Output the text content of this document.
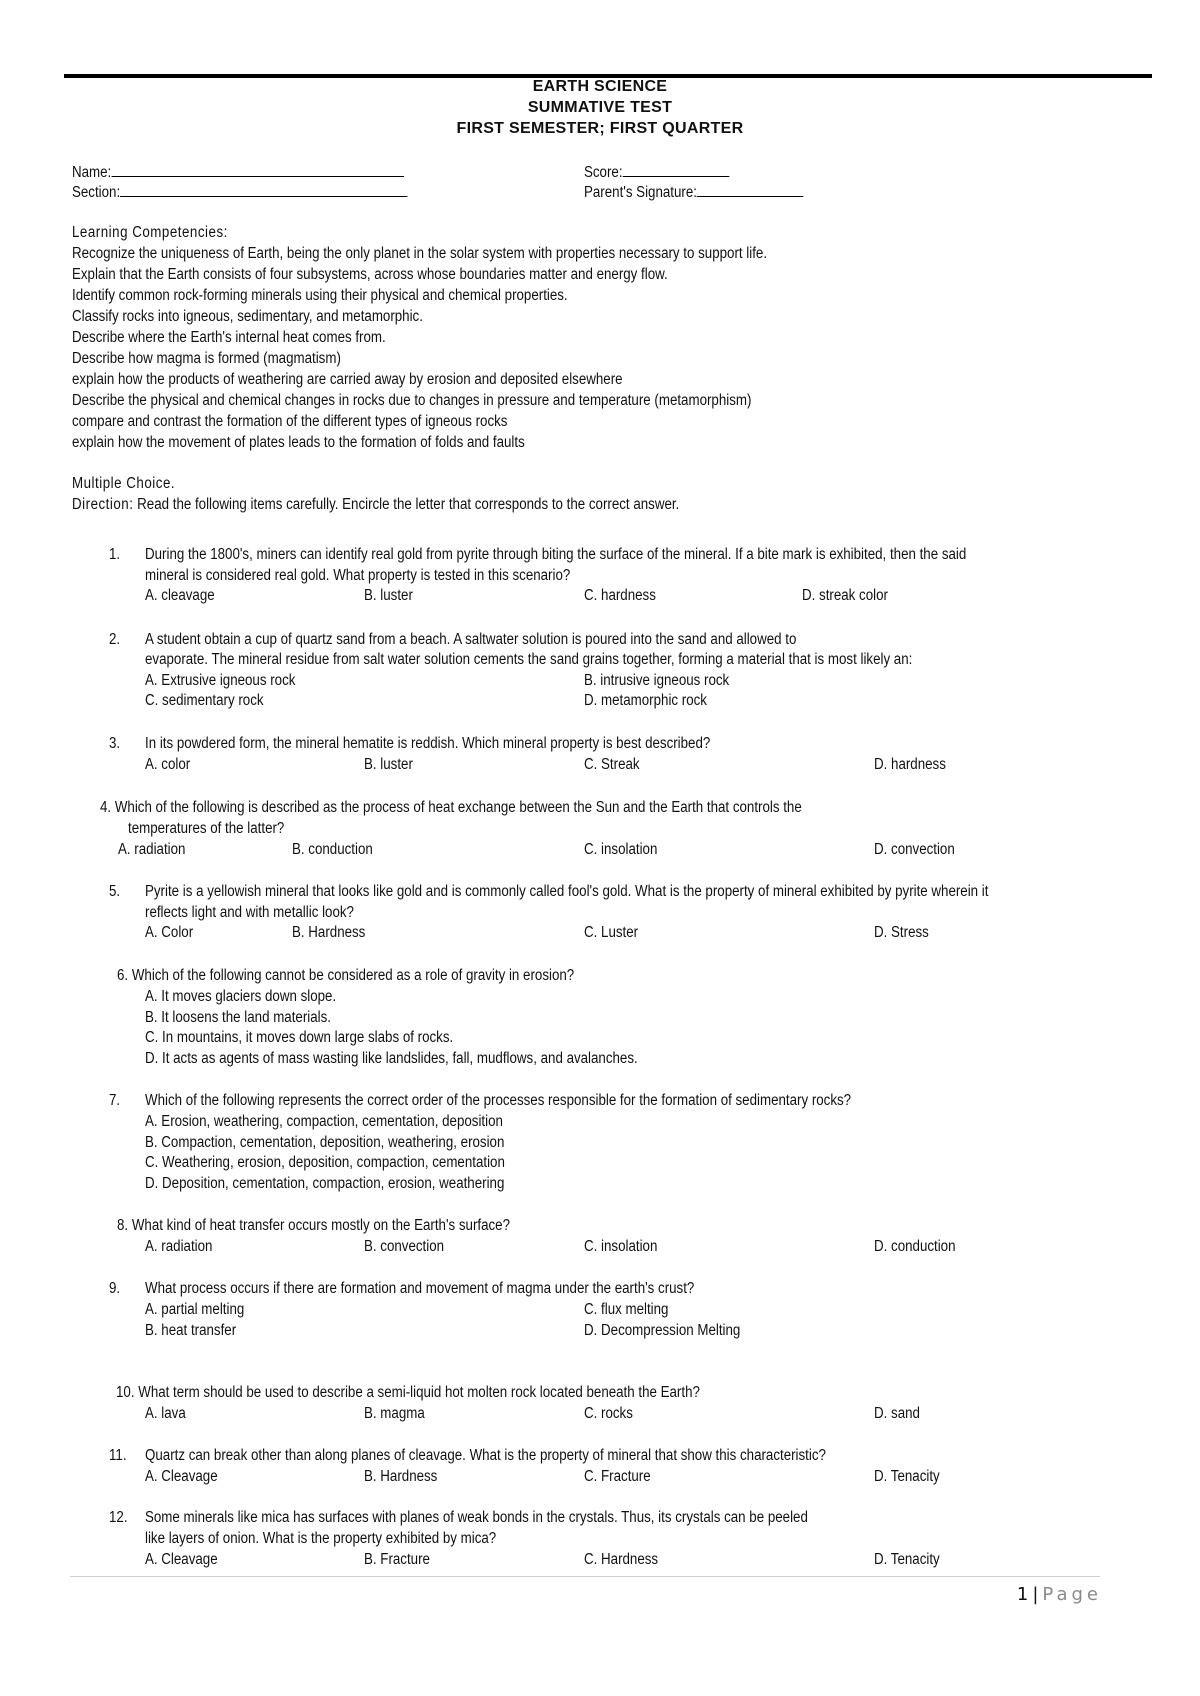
EARTH SCIENCE
SUMMATIVE TEST
FIRST SEMESTER; FIRST QUARTER
Name:
Section:
Score:
Parent's Signature:
Learning Competencies:
Recognize the uniqueness of Earth, being the only planet in the solar system with properties necessary to support life.
Explain that the Earth consists of four subsystems, across whose boundaries matter and energy flow.
Identify common rock-forming minerals using their physical and chemical properties.
Classify rocks into igneous, sedimentary, and metamorphic.
Describe where the Earth's internal heat comes from.
Describe how magma is formed (magmatism)
explain how the products of weathering are carried away by erosion and deposited elsewhere
Describe the physical and chemical changes in rocks due to changes in pressure and temperature (metamorphism)
compare and contrast the formation of the different types of igneous rocks
explain how the movement of plates leads to the formation of folds and faults
Multiple Choice.
Direction: Read the following items carefully. Encircle the letter that corresponds to the correct answer.
1. During the 1800's, miners can identify real gold from pyrite through biting the surface of the mineral. If a bite mark is exhibited, then the said
mineral is considered real gold. What property is tested in this scenario?
A. cleavage	B. luster	C. hardness	D. streak color
2. A student obtain a cup of quartz sand from a beach. A saltwater solution is poured into the sand and allowed to
evaporate. The mineral residue from salt water solution cements the sand grains together, forming a material that is most likely an:
A. Extrusive igneous rock	B. intrusive igneous rock
C. sedimentary rock	D. metamorphic rock
3. In its powdered form, the mineral hematite is reddish. Which mineral property is best described?
A. color	B. luster	C. Streak	D. hardness
4. Which of the following is described as the process of heat exchange between the Sun and the Earth that controls the
temperatures of the latter?
A. radiation	B. conduction	C. insolation	D. convection
5. Pyrite is a yellowish mineral that looks like gold and is commonly called fool's gold. What is the property of mineral exhibited by pyrite wherein it
reflects light and with metallic look?
A. Color	B. Hardness	C. Luster	D. Stress
6. Which of the following cannot be considered as a role of gravity in erosion?
A. It moves glaciers down slope.
B. It loosens the land materials.
C. In mountains, it moves down large slabs of rocks.
D. It acts as agents of mass wasting like landslides, fall, mudflows, and avalanches.
7. Which of the following represents the correct order of the processes responsible for the formation of sedimentary rocks?
A. Erosion, weathering, compaction, cementation, deposition
B. Compaction, cementation, deposition, weathering, erosion
C. Weathering, erosion, deposition, compaction, cementation
D. Deposition, cementation, compaction, erosion, weathering
8. What kind of heat transfer occurs mostly on the Earth's surface?
A. radiation	B. convection	C. insolation	D. conduction
9. What process occurs if there are formation and movement of magma under the earth's crust?
A. partial melting
B. heat transfer
C. flux melting
D. Decompression Melting
10. What term should be used to describe a semi-liquid hot molten rock located beneath the Earth?
A. lava	B. magma	C. rocks	D. sand
11. Quartz can break other than along planes of cleavage. What is the property of mineral that show this characteristic?
A. Cleavage	B. Hardness	C. Fracture	D. Tenacity
12. Some minerals like mica has surfaces with planes of weak bonds in the crystals. Thus, its crystals can be peeled
like layers of onion. What is the property exhibited by mica?
A. Cleavage	B. Fracture	C. Hardness	D. Tenacity
1 | Page
